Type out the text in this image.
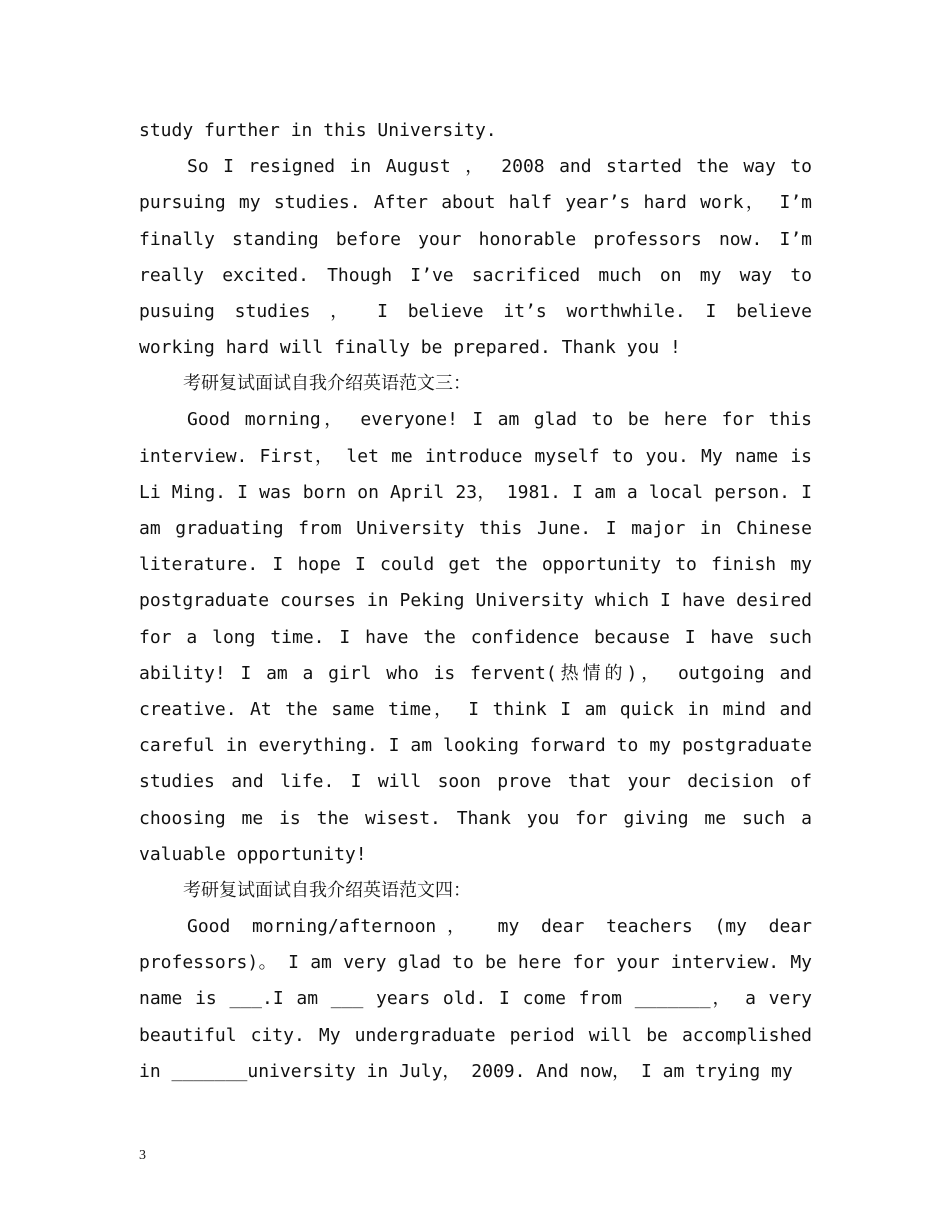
study further in this University.

So I resigned in August ， 2008 and started the way to pursuing my studies. After about half year’s hard work， I’m finally standing before your honorable professors now. I’m really excited. Though I’ve sacrificed much on my way to pusuing studies ， I believe it’s worthwhile. I believe working hard will finally be prepared. Thank you !

考研复试面试自我介绍英语范文三：

Good morning， everyone! I am glad to be here for this interview. First， let me introduce myself to you. My name is Li Ming. I was born on April 23， 1981. I am a local person. I am graduating from University this June. I major in Chinese literature. I hope I could get the opportunity to finish my postgraduate courses in Peking University which I have desired for a long time. I have the confidence because I have such ability! I am a girl who is fervent(热情的)， outgoing and creative. At the same time， I think I am quick in mind and careful in everything. I am looking forward to my postgraduate studies and life. I will soon prove that your decision of choosing me is the wisest. Thank you for giving me such a valuable opportunity!

考研复试面试自我介绍英语范文四：

Good morning/afternoon， my dear teachers (my dear professors)。 I am very glad to be here for your interview. My name is ___.I am ___ years old. I come from _______， a very beautiful city. My undergraduate period will be accomplished in _______university in July， 2009. And now， I am trying my

3
